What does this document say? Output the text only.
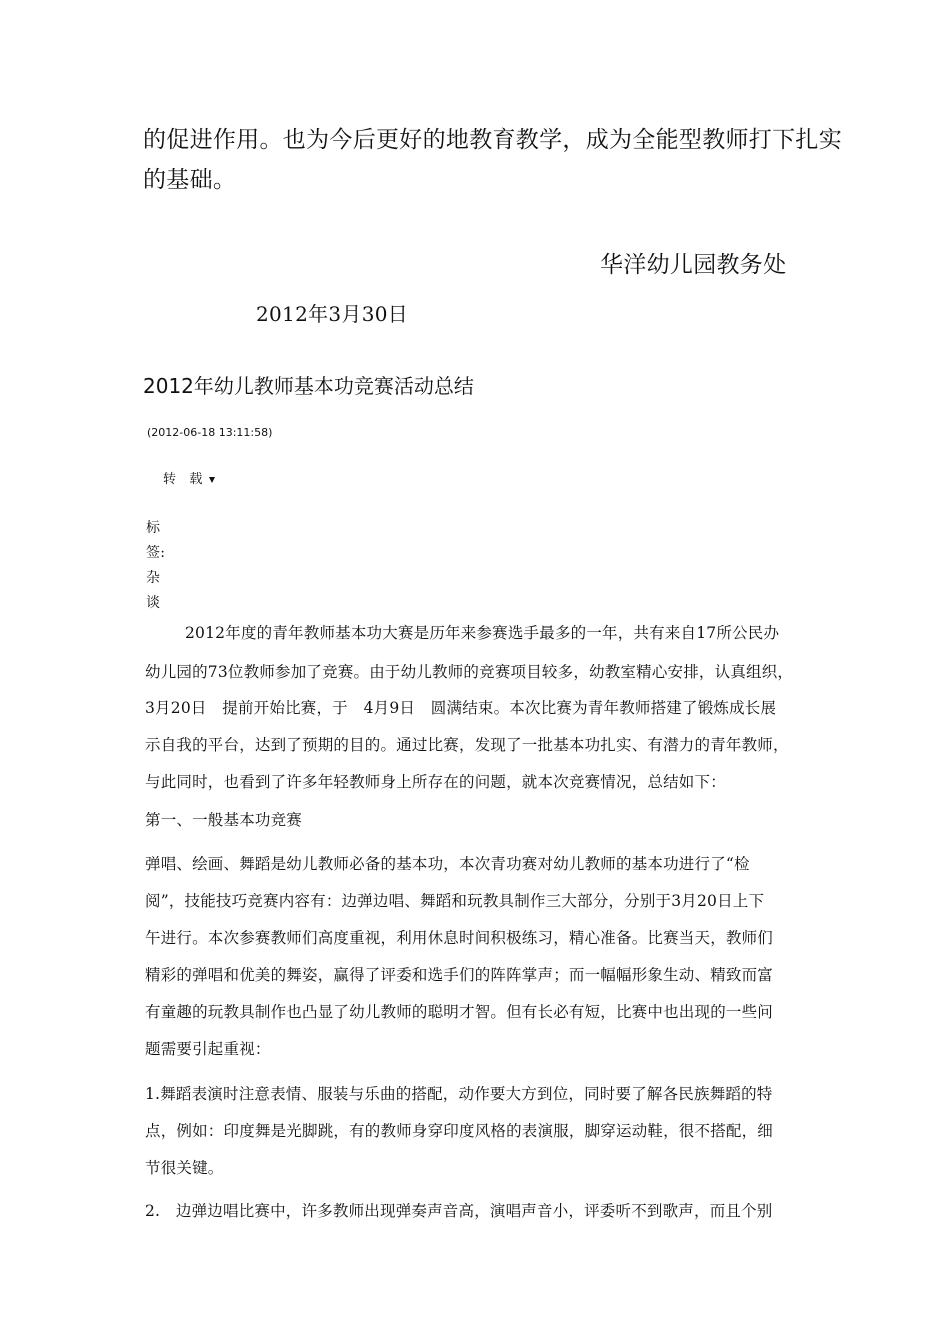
的促进作用。也为今后更好的地教育教学，成为全能型教师打下扎实
的基础。
华洋幼儿园教务处
2012年3月30日
2012年幼儿教师基本功竞赛活动总结
(2012-06-18 13:11:58)
转　载
标
签:
杂
谈
2012年度的青年教师基本功大赛是历年来参赛选手最多的一年，共有来自17所公民办
幼儿园的73位教师参加了竞赛。由于幼儿教师的竞赛项目较多，幼教室精心安排，认真组织，
3月20日　提前开始比赛，于　4月9日　圆满结束。本次比赛为青年教师搭建了锻炼成长展
示自我的平台，达到了预期的目的。通过比赛，发现了一批基本功扎实、有潜力的青年教师，
与此同时，也看到了许多年轻教师身上所存在的问题，就本次竞赛情况，总结如下：
第一、一般基本功竞赛
弹唱、绘画、舞蹈是幼儿教师必备的基本功，本次青功赛对幼儿教师的基本功进行了“检
阅”，技能技巧竞赛内容有：边弹边唱、舞蹈和玩教具制作三大部分，分别于3月20日上下
午进行。本次参赛教师们高度重视，利用休息时间积极练习，精心准备。比赛当天，教师们
精彩的弹唱和优美的舞姿，赢得了评委和选手们的阵阵掌声；而一幅幅形象生动、精致而富
有童趣的玩教具制作也凸显了幼儿教师的聪明才智。但有长必有短，比赛中也出现的一些问
题需要引起重视：
1.舞蹈表演时注意表情、服装与乐曲的搭配，动作要大方到位，同时要了解各民族舞蹈的特
点，例如：印度舞是光脚跳，有的教师身穿印度风格的表演服，脚穿运动鞋，很不搭配，细
节很关键。
2.　边弹边唱比赛中，许多教师出现弹奏声音高，演唱声音小，评委听不到歌声，而且个别
